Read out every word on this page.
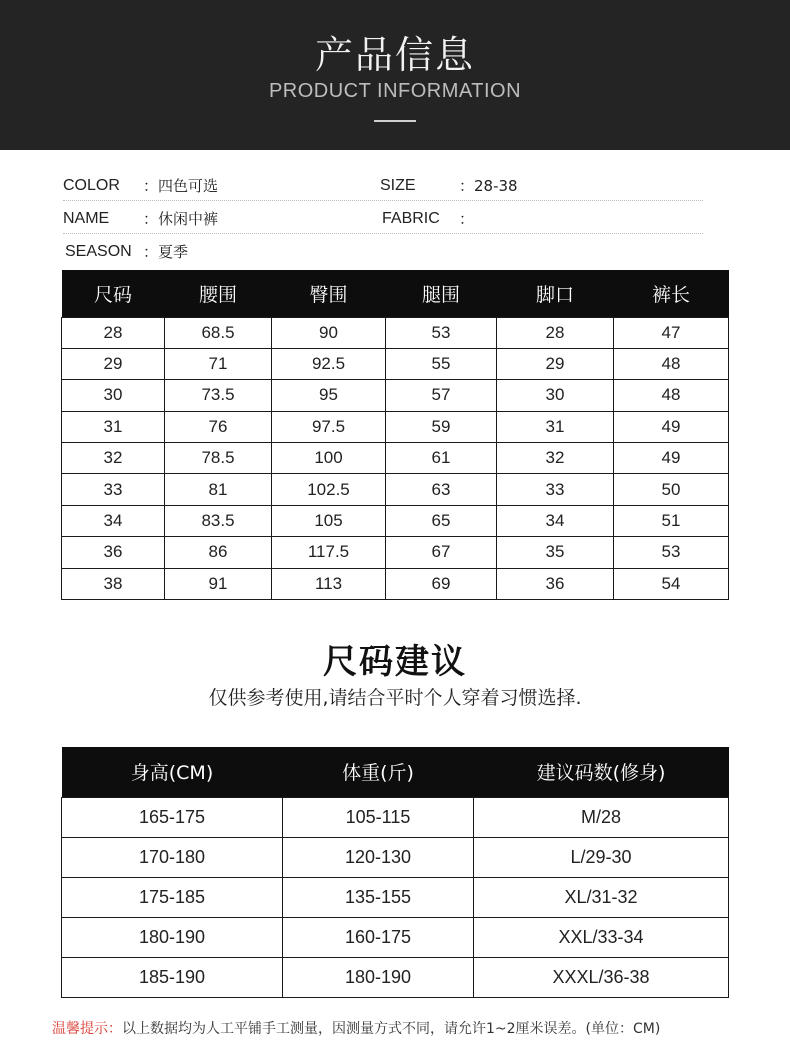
产品信息
PRODUCT INFORMATION
COLOR ：四色可选	SIZE	：28-38
NAME ：休闲中裤	FABRIC ：
SEASON ：夏季
尺码	腰围	臀围	腿围	脚口	裤长
28	68.5	90	53	28	47
29	71	92.5	55	29	48
30	73.5	95	57	30	48
31	76	97.5	59	31	49
32	78.5	100	61	32	49
33	81	102.5	63	33	50
34	83.5	105	65	34	51
36	86	117.5	67	35	53
38	91	113	69	36	54
尺码建议
仅供参考使用,请结合平时个人穿着习惯选择.
身高(CM)	体重(斤)	建议码数(修身)
165-175	105-115	M/28
170-180	120-130	L/29-30
175-185	135-155	XL/31-32
180-190	160-175	XXL/33-34
185-190	180-190	XXXL/36-38
温馨提示：以上数据均为人工平铺手工测量，因测量方式不同，请允许1~2厘米误差。(单位：CM)
